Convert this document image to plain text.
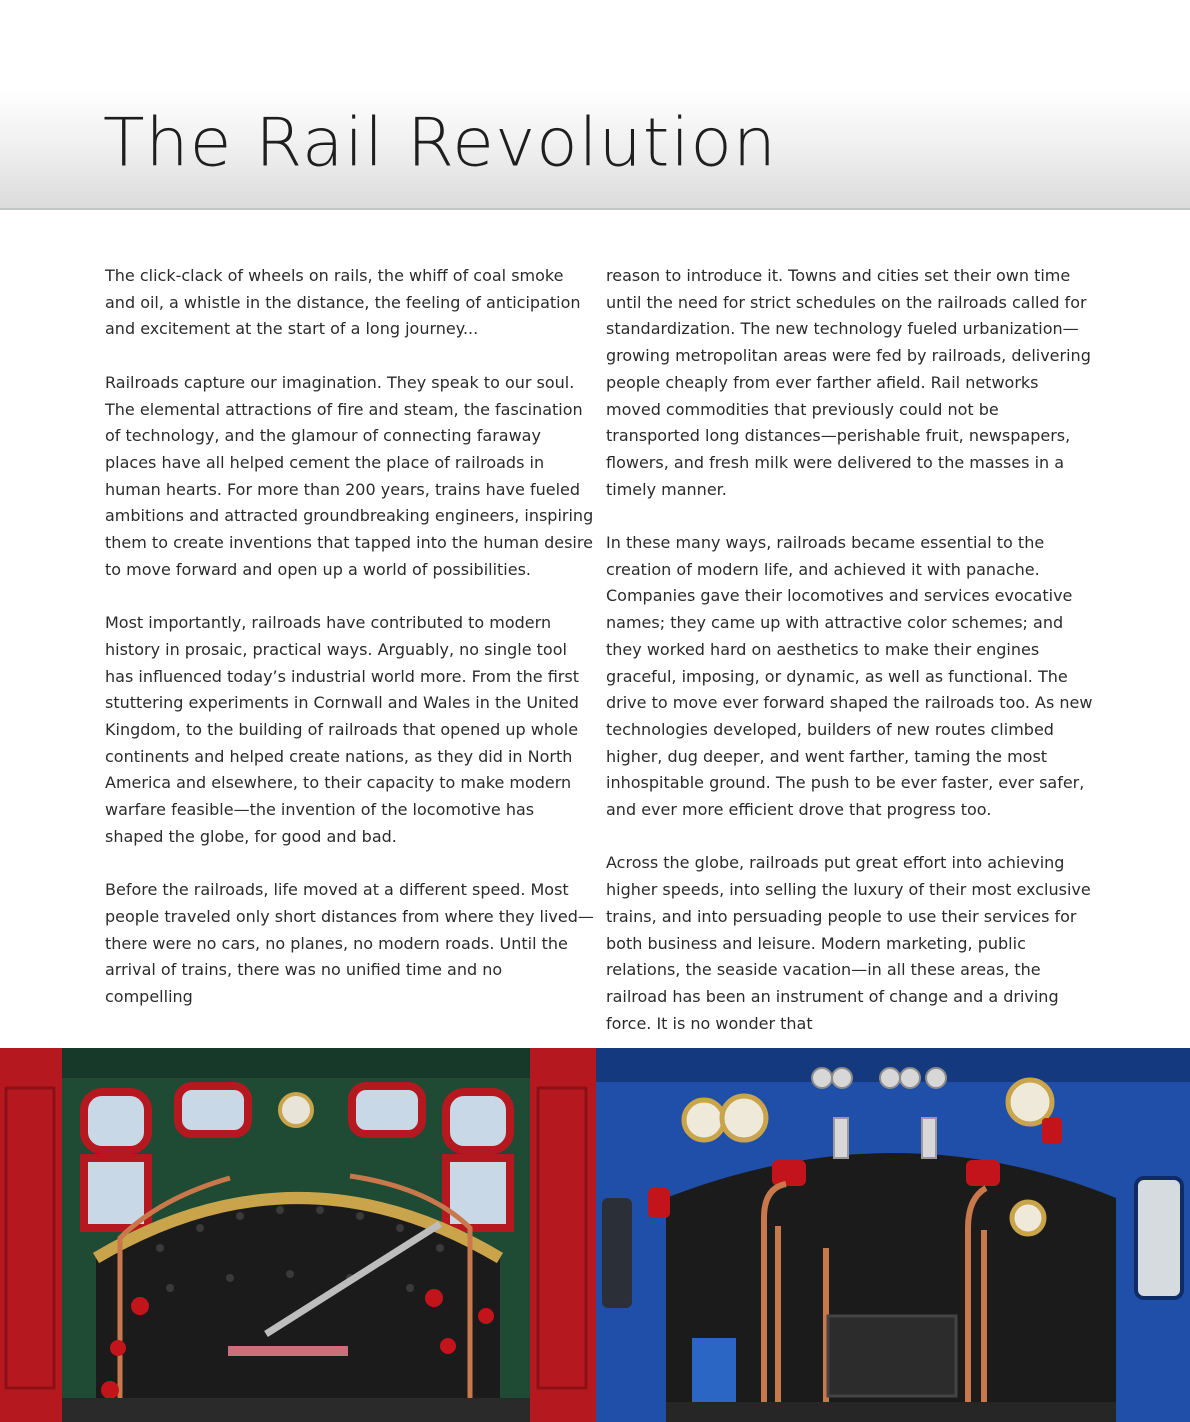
The Rail Revolution

The click-clack of wheels on rails, the whiff of coal smoke and oil, a whistle in the distance, the feeling of anticipation and excitement at the start of a long journey...

Railroads capture our imagination. They speak to our soul. The elemental attractions of fire and steam, the fascination of technology, and the glamour of connecting faraway places have all helped cement the place of railroads in human hearts. For more than 200 years, trains have fueled ambitions and attracted groundbreaking engineers, inspiring them to create inventions that tapped into the human desire to move forward and open up a world of possibilities.

Most importantly, railroads have contributed to modern history in prosaic, practical ways. Arguably, no single tool has influenced today’s industrial world more. From the first stuttering experiments in Cornwall and Wales in the United Kingdom, to the building of railroads that opened up whole continents and helped create nations, as they did in North America and elsewhere, to their capacity to make modern warfare feasible—the invention of the locomotive has shaped the globe, for good and bad.

Before the railroads, life moved at a different speed. Most people traveled only short distances from where they lived—there were no cars, no planes, no modern roads. Until the arrival of trains, there was no unified time and no compelling

reason to introduce it. Towns and cities set their own time until the need for strict schedules on the railroads called for standardization. The new technology fueled urbanization—growing metropolitan areas were fed by railroads, delivering people cheaply from ever farther afield. Rail networks moved commodities that previously could not be transported long distances—perishable fruit, newspapers, flowers, and fresh milk were delivered to the masses in a timely manner.

In these many ways, railroads became essential to the creation of modern life, and achieved it with panache. Companies gave their locomotives and services evocative names; they came up with attractive color schemes; and they worked hard on aesthetics to make their engines graceful, imposing, or dynamic, as well as functional. The drive to move ever forward shaped the railroads too. As new technologies developed, builders of new routes climbed higher, dug deeper, and went farther, taming the most inhospitable ground. The push to be ever faster, ever safer, and ever more efficient drove that progress too.

Across the globe, railroads put great effort into achieving higher speeds, into selling the luxury of their most exclusive trains, and into persuading people to use their services for both business and leisure. Modern marketing, public relations, the seaside vacation—in all these areas, the railroad has been an instrument of change and a driving force. It is no wonder that
